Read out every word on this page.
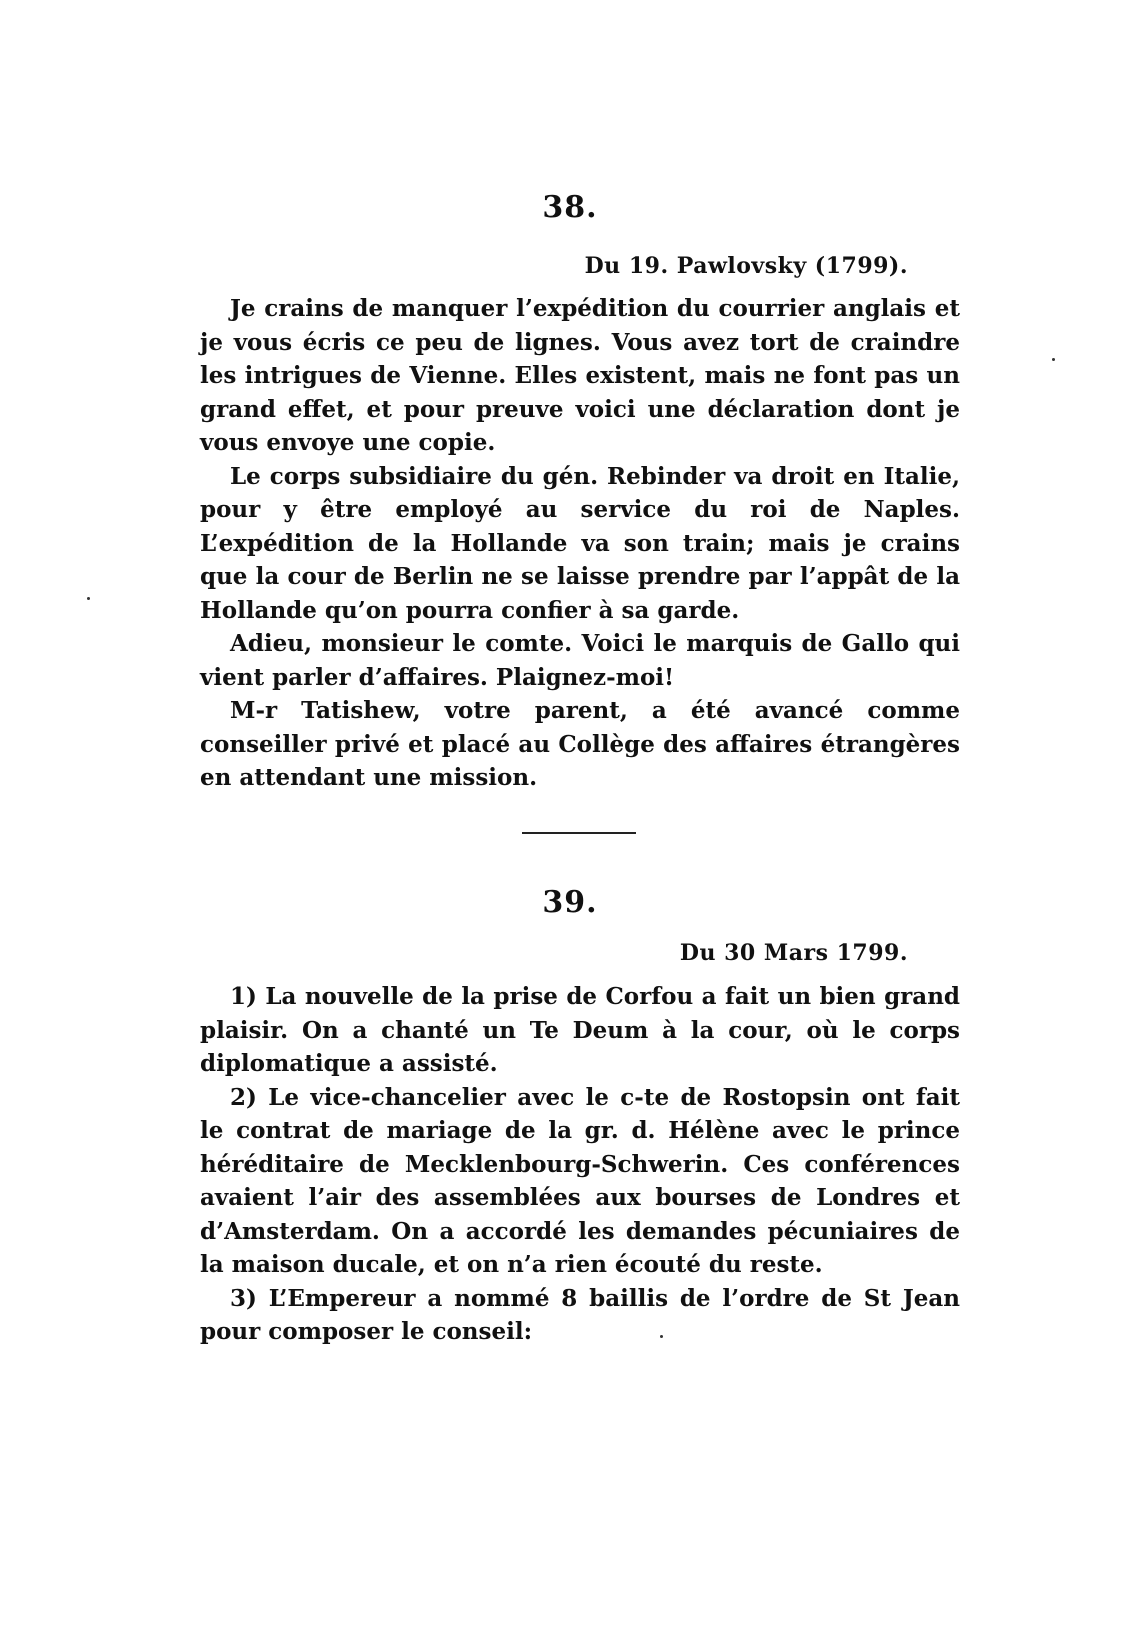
38.
Du 19. Pawlovsky (1799).

Je crains de manquer l’expédition du courrier anglais et je vous écris ce peu de lignes. Vous avez tort de craindre les intrigues de Vienne. Elles existent, mais ne font pas un grand effet, et pour preuve voici une déclaration dont je vous envoye une copie.

Le corps subsidiaire du gén. Rebinder va droit en Italie, pour y être employé au service du roi de Naples. L’expédition de la Hollande va son train; mais je crains que la cour de Berlin ne se laisse prendre par l’appât de la Hollande qu’on pourra confier à sa garde.

Adieu, monsieur le comte. Voici le marquis de Gallo qui vient parler d’affaires. Plaignez-moi!

M-r Tatishew, votre parent, a été avancé comme conseiller privé et placé au Collège des affaires étrangères en attendant une mission.

39.
Du 30 Mars 1799.

1) La nouvelle de la prise de Corfou a fait un bien grand plaisir. On a chanté un Te Deum à la cour, où le corps diplomatique a assisté.

2) Le vice-chancelier avec le c-te de Rostopsin ont fait le contrat de mariage de la gr. d. Hélène avec le prince héréditaire de Mecklenbourg-Schwerin. Ces conférences avaient l’air des assemblées aux bourses de Londres et d’Amsterdam. On a accordé les demandes pécuniaires de la maison ducale, et on n’a rien écouté du reste.

3) L’Empereur a nommé 8 baillis de l’ordre de St Jean pour composer le conseil:
